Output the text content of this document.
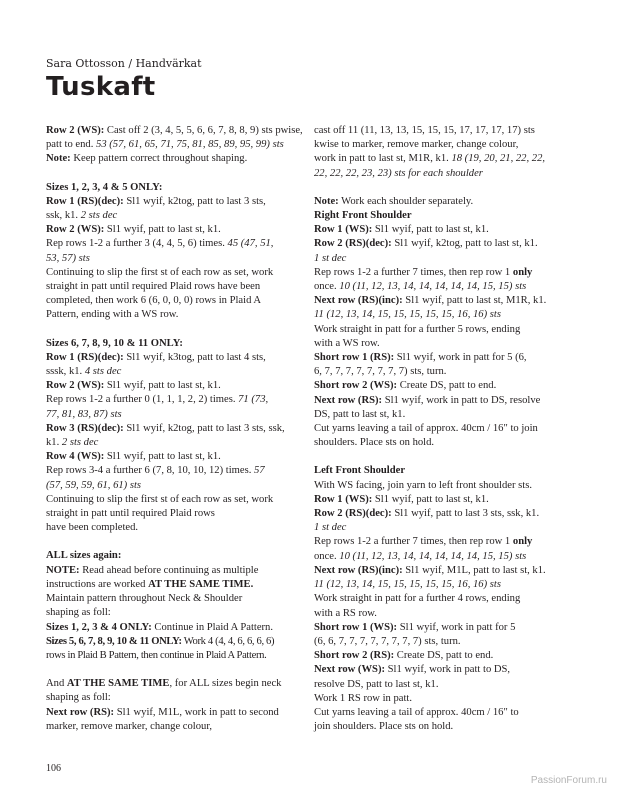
Sara Ottosson / Handvärkat
Tuskaft
Row 2 (WS): Cast off 2 (3, 4, 5, 5, 6, 6, 7, 8, 8, 9) sts pwise,
patt to end. 53 (57, 61, 65, 71, 75, 81, 85, 89, 95, 99) sts
Note: Keep pattern correct throughout shaping.
Sizes 1, 2, 3, 4 & 5 ONLY:
Row 1 (RS)(dec): Sl1 wyif, k2tog, patt to last 3 sts,
ssk, k1. 2 sts dec
Row 2 (WS): Sl1 wyif, patt to last st, k1.
Rep rows 1-2 a further 3 (4, 4, 5, 6) times. 45 (47, 51,
53, 57) sts
Continuing to slip the first st of each row as set, work
straight in patt until required Plaid rows have been
completed, then work 6 (6, 0, 0, 0) rows in Plaid A
Pattern, ending with a WS row.
Sizes 6, 7, 8, 9, 10 & 11 ONLY:
Row 1 (RS)(dec): Sl1 wyif, k3tog, patt to last 4 sts,
sssk, k1. 4 sts dec
Row 2 (WS): Sl1 wyif, patt to last st, k1.
Rep rows 1-2 a further 0 (1, 1, 1, 2, 2) times. 71 (73,
77, 81, 83, 87) sts
Row 3 (RS)(dec): Sl1 wyif, k2tog, patt to last 3 sts, ssk,
k1. 2 sts dec
Row 4 (WS): Sl1 wyif, patt to last st, k1.
Rep rows 3-4 a further 6 (7, 8, 10, 10, 12) times. 57
(57, 59, 59, 61, 61) sts
Continuing to slip the first st of each row as set, work
straight in patt until required Plaid rows
have been completed.
ALL sizes again:
NOTE: Read ahead before continuing as multiple
instructions are worked AT THE SAME TIME.
Maintain pattern throughout Neck & Shoulder
shaping as foll:
Sizes 1, 2, 3 & 4 ONLY: Continue in Plaid A Pattern.
Sizes 5, 6, 7, 8, 9, 10 & 11 ONLY: Work 4 (4, 4, 6, 6, 6, 6)
rows in Plaid B Pattern, then continue in Plaid A Pattern.
And AT THE SAME TIME, for ALL sizes begin neck
shaping as foll:
Next row (RS): Sl1 wyif, M1L, work in patt to second
marker, remove marker, change colour,
cast off 11 (11, 13, 13, 15, 15, 15, 17, 17, 17, 17) sts
kwise to marker, remove marker, change colour,
work in patt to last st, M1R, k1. 18 (19, 20, 21, 22, 22,
22, 22, 22, 23, 23) sts for each shoulder
Note: Work each shoulder separately.
Right Front Shoulder
Row 1 (WS): Sl1 wyif, patt to last st, k1.
Row 2 (RS)(dec): Sl1 wyif, k2tog, patt to last st, k1.
1 st dec
Rep rows 1-2 a further 7 times, then rep row 1 only
once. 10 (11, 12, 13, 14, 14, 14, 14, 14, 15, 15) sts
Next row (RS)(inc): Sl1 wyif, patt to last st, M1R, k1.
11 (12, 13, 14, 15, 15, 15, 15, 15, 16, 16) sts
Work straight in patt for a further 5 rows, ending
with a WS row.
Short row 1 (RS): Sl1 wyif, work in patt for 5 (6,
6, 7, 7, 7, 7, 7, 7, 7, 7) sts, turn.
Short row 2 (WS): Create DS, patt to end.
Next row (RS): Sl1 wyif, work in patt to DS, resolve
DS, patt to last st, k1.
Cut yarns leaving a tail of approx. 40cm / 16" to join
shoulders. Place sts on hold.
Left Front Shoulder
With WS facing, join yarn to left front shoulder sts.
Row 1 (WS): Sl1 wyif, patt to last st, k1.
Row 2 (RS)(dec): Sl1 wyif, patt to last 3 sts, ssk, k1.
1 st dec
Rep rows 1-2 a further 7 times, then rep row 1 only
once. 10 (11, 12, 13, 14, 14, 14, 14, 14, 15, 15) sts
Next row (RS)(inc): Sl1 wyif, M1L, patt to last st, k1.
11 (12, 13, 14, 15, 15, 15, 15, 15, 16, 16) sts
Work straight in patt for a further 4 rows, ending
with a RS row.
Short row 1 (WS): Sl1 wyif, work in patt for 5
(6, 6, 7, 7, 7, 7, 7, 7, 7, 7) sts, turn.
Short row 2 (RS): Create DS, patt to end.
Next row (WS): Sl1 wyif, work in patt to DS,
resolve DS, patt to last st, k1.
Work 1 RS row in patt.
Cut yarns leaving a tail of approx. 40cm / 16" to
join shoulders. Place sts on hold.
106
PassionForum.ru
